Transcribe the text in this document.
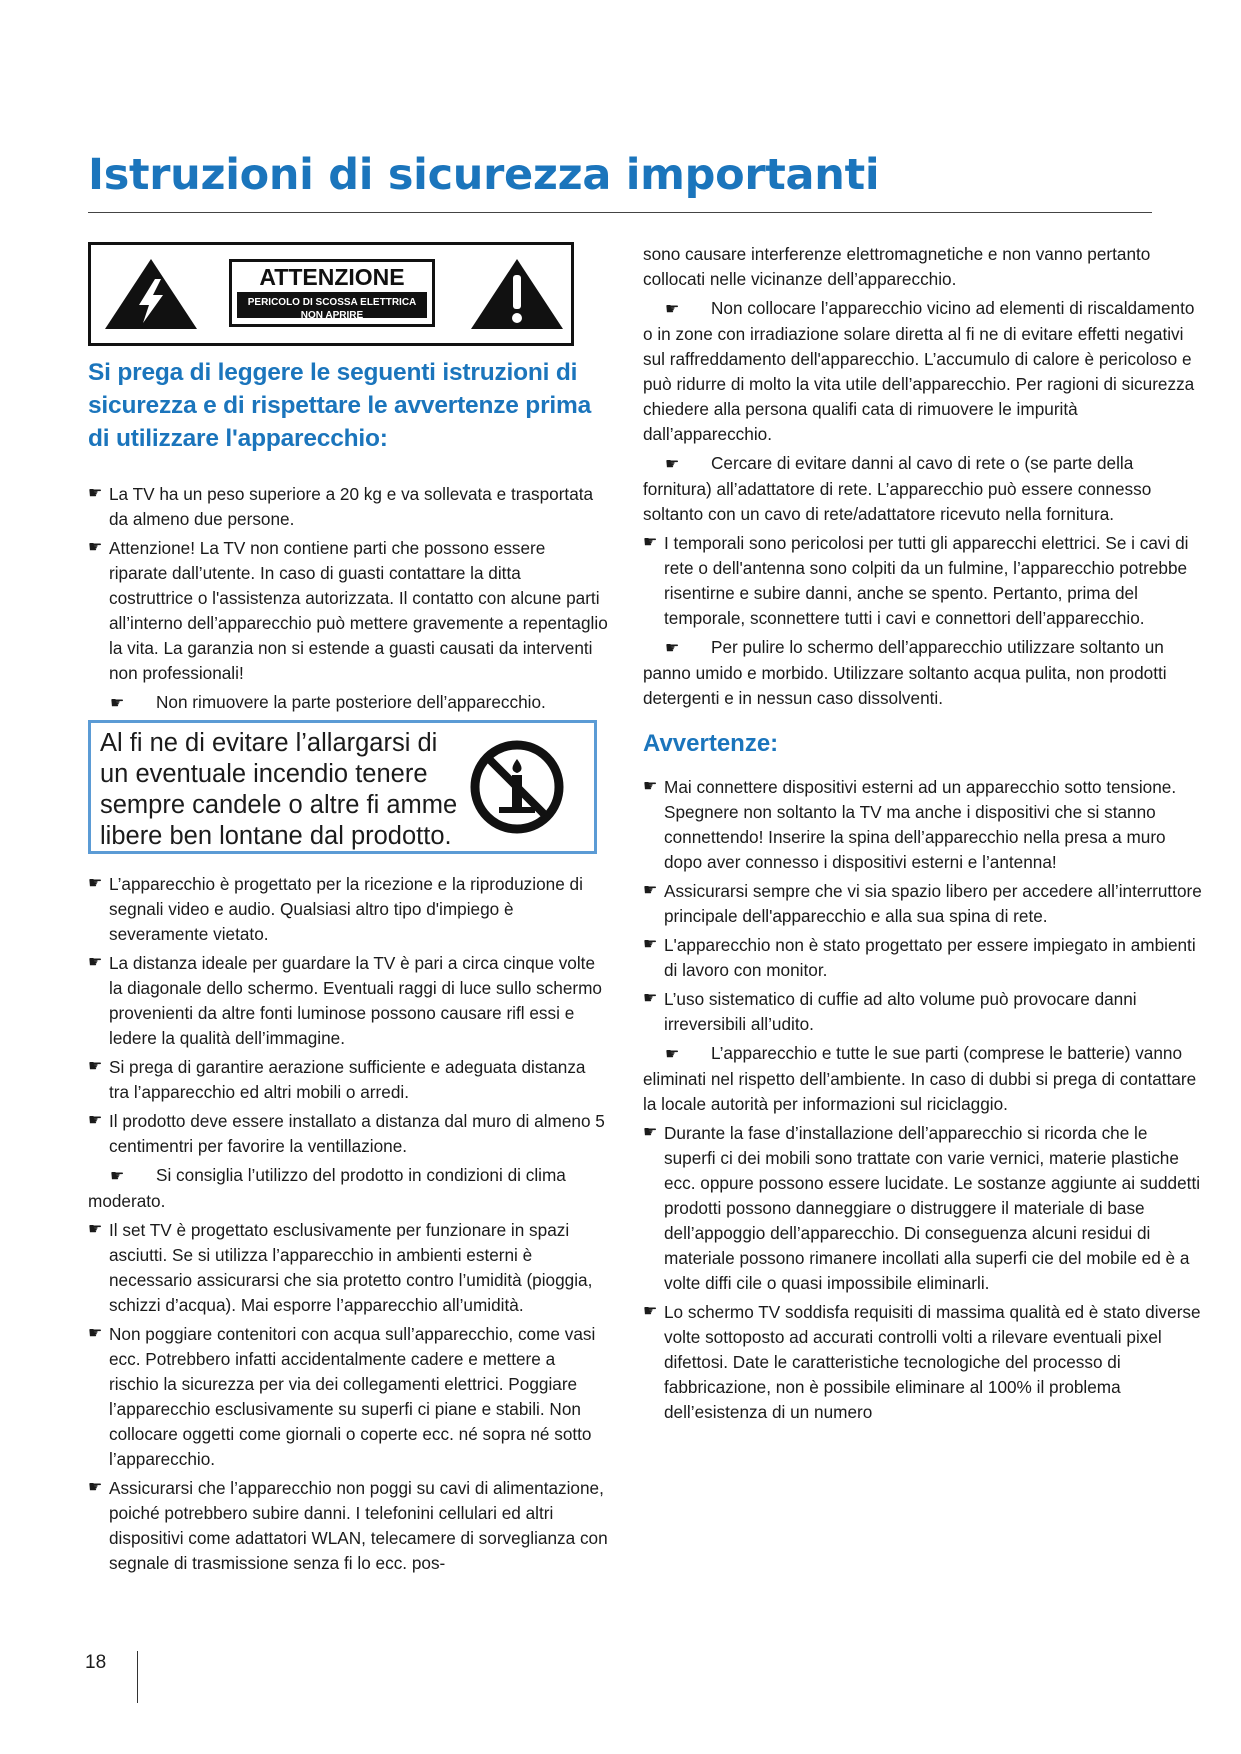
Istruzioni di sicurezza importanti
ATTENZIONE
PERICOLO DI SCOSSA ELETTRICA
NON APRIRE
Si prega di leggere le seguenti istruzioni di sicurezza e di rispettare le avvertenze prima di utilizzare l'apparecchio:
☛ La TV ha un peso superiore a 20 kg e va sollevata e trasportata da almeno due persone.
☛ Attenzione! La TV non contiene parti che possono essere riparate dall’utente. In caso di guasti contattare la ditta costruttrice o l'assistenza autorizzata. Il contatto con alcune parti all’interno dell’apparecchio può mettere gravemente a repentaglio la vita. La garanzia non si estende a guasti causati da interventi non professionali!
☛ Non rimuovere la parte posteriore dell’apparecchio.
Al fi ne di evitare l’allargarsi di un eventuale incendio tenere sempre candele o altre fi amme libere ben lontane dal prodotto.
☛ L’apparecchio è progettato per la ricezione e la riproduzione di segnali video e audio. Qualsiasi altro tipo d'impiego è severamente vietato.
☛ La distanza ideale per guardare la TV è pari a circa cinque volte la diagonale dello schermo. Eventuali raggi di luce sullo schermo provenienti da altre fonti luminose possono causare rifl essi e ledere la qualità dell’immagine.
☛ Si prega di garantire aerazione sufficiente e adeguata distanza tra l’apparecchio ed altri mobili o arredi.
☛ Il prodotto deve essere installato a distanza dal muro di almeno 5 centimentri per favorire la ventillazione.
☛ Si consiglia l’utilizzo del prodotto in condizioni di clima moderato.
☛ Il set TV è progettato esclusivamente per funzionare in spazi asciutti. Se si utilizza l’apparecchio in ambienti esterni è necessario assicurarsi che sia protetto contro l’umidità (pioggia, schizzi d’acqua). Mai esporre l’apparecchio all’umidità.
☛ Non poggiare contenitori con acqua sull’apparecchio, come vasi ecc. Potrebbero infatti accidentalmente cadere e mettere a rischio la sicurezza per via dei collegamenti elettrici. Poggiare l’apparecchio esclusivamente su superfi ci piane e stabili. Non collocare oggetti come giornali o coperte ecc. né sopra né sotto l’apparecchio.
☛ Assicurarsi che l’apparecchio non poggi su cavi di alimentazione, poiché potrebbero subire danni. I telefonini cellulari ed altri dispositivi come adattatori WLAN, telecamere di sorveglianza con segnale di trasmissione senza fi lo ecc. pos-
sono causare interferenze elettromagnetiche e non vanno pertanto collocati nelle vicinanze dell’apparecchio.
☛ Non collocare l’apparecchio vicino ad elementi di riscaldamento o in zone con irradiazione solare diretta al fi ne di evitare effetti negativi sul raffreddamento dell'apparecchio. L’accumulo di calore è pericoloso e può ridurre di molto la vita utile dell’apparecchio. Per ragioni di sicurezza chiedere alla persona qualifi cata di rimuovere le impurità dall’apparecchio.
☛ Cercare di evitare danni al cavo di rete o (se parte della fornitura) all’adattatore di rete. L’apparecchio può essere connesso soltanto con un cavo di rete/adattatore ricevuto nella fornitura.
☛ I temporali sono pericolosi per tutti gli apparecchi elettrici. Se i cavi di rete o dell'antenna sono colpiti da un fulmine, l’apparecchio potrebbe risentirne e subire danni, anche se spento. Pertanto, prima del temporale, sconnettere tutti i cavi e connettori dell’apparecchio.
☛ Per pulire lo schermo dell’apparecchio utilizzare soltanto un panno umido e morbido. Utilizzare soltanto acqua pulita, non prodotti detergenti e in nessun caso dissolventi.
Avvertenze:
☛ Mai connettere dispositivi esterni ad un apparecchio sotto tensione. Spegnere non soltanto la TV ma anche i dispositivi che si stanno connettendo! Inserire la spina dell’apparecchio nella presa a muro dopo aver connesso i dispositivi esterni e l’antenna!
☛ Assicurarsi sempre che vi sia spazio libero per accedere all’interruttore principale dell'apparecchio e alla sua spina di rete.
☛ L'apparecchio non è stato progettato per essere impiegato in ambienti di lavoro con monitor.
☛ L’uso sistematico di cuffie ad alto volume può provocare danni irreversibili all’udito.
☛ L’apparecchio e tutte le sue parti (comprese le batterie) vanno eliminati nel rispetto dell’ambiente. In caso di dubbi si prega di contattare la locale autorità per informazioni sul riciclaggio.
☛ Durante la fase d’installazione dell’apparecchio si ricorda che le superfi ci dei mobili sono trattate con varie vernici, materie plastiche ecc. oppure possono essere lucidate. Le sostanze aggiunte ai suddetti prodotti possono danneggiare o distruggere il materiale di base dell’appoggio dell’apparecchio. Di conseguenza alcuni residui di materiale possono rimanere incollati alla superfi cie del mobile ed è a volte diffi cile o quasi impossibile eliminarli.
☛ Lo schermo TV soddisfa requisiti di massima qualità ed è stato diverse volte sottoposto ad accurati controlli volti a rilevare eventuali pixel difettosi. Date le caratteristiche tecnologiche del processo di fabbricazione, non è possibile eliminare al 100% il problema dell’esistenza di un numero
18
